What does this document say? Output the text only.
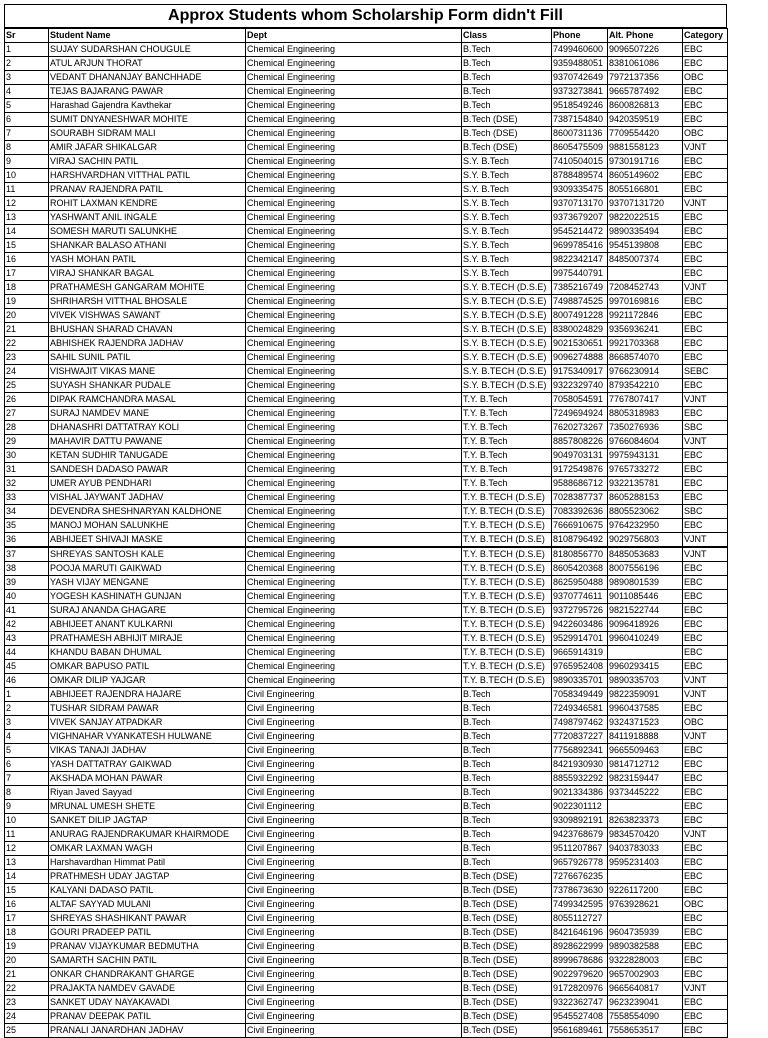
Approx Students whom Scholarship Form didn't Fill
Sr	Student Name	Dept	Class	Phone	Alt. Phone	Category
1	SUJAY SUDARSHAN CHOUGULE	Chemical Engineering	B.Tech	7499460600	9096507226	EBC
2	ATUL ARJUN THORAT	Chemical Engineering	B.Tech	9359488051	8381061086	EBC
3	VEDANT DHANANJAY BANCHHADE	Chemical Engineering	B.Tech	9370742649	7972137356	OBC
4	TEJAS BAJARANG PAWAR	Chemical Engineering	B.Tech	9373273841	9665787492	EBC
5	Harashad Gajendra Kavthekar	Chemical Engineering	B.Tech	9518549246	8600826813	EBC
6	SUMIT DNYANESHWAR MOHITE	Chemical Engineering	B.Tech (DSE)	7387154840	9420359519	EBC
7	SOURABH SIDRAM MALI	Chemical Engineering	B.Tech (DSE)	8600731136	7709554420	OBC
8	AMIR JAFAR SHIKALGAR	Chemical Engineering	B.Tech (DSE)	8605475509	9881558123	VJNT
9	VIRAJ SACHIN PATIL	Chemical Engineering	S.Y. B.Tech	7410504015	9730191716	EBC
10	HARSHVARDHAN VITTHAL PATIL	Chemical Engineering	S.Y. B.Tech	8788489574	8605149602	EBC
11	PRANAV RAJENDRA PATIL	Chemical Engineering	S.Y. B.Tech	9309335475	8055166801	EBC
12	ROHIT LAXMAN KENDRE	Chemical Engineering	S.Y. B.Tech	9370713170	93707131720	VJNT
13	YASHWANT ANIL INGALE	Chemical Engineering	S.Y. B.Tech	9373679207	9822022515	EBC
14	SOMESH MARUTI SALUNKHE	Chemical Engineering	S.Y. B.Tech	9545214472	9890335494	EBC
15	SHANKAR BALASO ATHANI	Chemical Engineering	S.Y. B.Tech	9699785416	9545139808	EBC
16	YASH MOHAN PATIL	Chemical Engineering	S.Y. B.Tech	9822342147	8485007374	EBC
17	VIRAJ SHANKAR BAGAL	Chemical Engineering	S.Y. B.Tech	9975440791		EBC
18	PRATHAMESH GANGARAM MOHITE	Chemical Engineering	S.Y. B.TECH (D.S.E)	7385216749	7208452743	VJNT
19	SHRIHARSH VITTHAL BHOSALE	Chemical Engineering	S.Y. B.TECH (D.S.E)	7498874525	9970169816	EBC
20	VIVEK VISHWAS SAWANT	Chemical Engineering	S.Y. B.TECH (D.S.E)	8007491228	9921172846	EBC
21	BHUSHAN SHARAD CHAVAN	Chemical Engineering	S.Y. B.TECH (D.S.E)	8380024829	9356936241	EBC
22	ABHISHEK RAJENDRA JADHAV	Chemical Engineering	S.Y. B.TECH (D.S.E)	9021530651	9921703368	EBC
23	SAHIL SUNIL PATIL	Chemical Engineering	S.Y. B.TECH (D.S.E)	9096274888	8668574070	EBC
24	VISHWAJIT VIKAS MANE	Chemical Engineering	S.Y. B.TECH (D.S.E)	9175340917	9766230914	SEBC
25	SUYASH SHANKAR PUDALE	Chemical Engineering	S.Y. B.TECH (D.S.E)	9322329740	8793542210	EBC
26	DIPAK RAMCHANDRA MASAL	Chemical Engineering	T.Y. B.Tech	7058054591	7767807417	VJNT
27	SURAJ NAMDEV MANE	Chemical Engineering	T.Y. B.Tech	7249694924	8805318983	EBC
28	DHANASHRI DATTATRAY KOLI	Chemical Engineering	T.Y. B.Tech	7620273267	7350276936	SBC
29	MAHAVIR DATTU PAWANE	Chemical Engineering	T.Y. B.Tech	8857808226	9766084604	VJNT
30	KETAN SUDHIR TANUGADE	Chemical Engineering	T.Y. B.Tech	9049703131	9975943131	EBC
31	SANDESH DADASO PAWAR	Chemical Engineering	T.Y. B.Tech	9172549876	9765733272	EBC
32	UMER AYUB PENDHARI	Chemical Engineering	T.Y. B.Tech	9588686712	9322135781	EBC
33	VISHAL JAYWANT JADHAV	Chemical Engineering	T.Y. B.TECH (D.S.E)	7028387737	8605288153	EBC
34	DEVENDRA SHESHNARYAN KALDHONE	Chemical Engineering	T.Y. B.TECH (D.S.E)	7083392636	8805523062	SBC
35	MANOJ MOHAN SALUNKHE	Chemical Engineering	T.Y. B.TECH (D.S.E)	7666910675	9764232950	EBC
36	ABHIJEET SHIVAJI MASKE	Chemical Engineering	T.Y. B.TECH (D.S.E)	8108796492	9029756803	VJNT
37	SHREYAS SANTOSH KALE	Chemical Engineering	T.Y. B.TECH (D.S.E)	8180856770	8485053683	VJNT
38	POOJA MARUTI GAIKWAD	Chemical Engineering	T.Y. B.TECH (D.S.E)	8605420368	8007556196	EBC
39	YASH VIJAY MENGANE	Chemical Engineering	T.Y. B.TECH (D.S.E)	8625950488	9890801539	EBC
40	YOGESH KASHINATH GUNJAN	Chemical Engineering	T.Y. B.TECH (D.S.E)	9370774611	9011085446	EBC
41	SURAJ ANANDA GHAGARE	Chemical Engineering	T.Y. B.TECH (D.S.E)	9372795726	9821522744	EBC
42	ABHIJEET ANANT KULKARNI	Chemical Engineering	T.Y. B.TECH (D.S.E)	9422603486	9096418926	EBC
43	PRATHAMESH ABHIJIT MIRAJE	Chemical Engineering	T.Y. B.TECH (D.S.E)	9529914701	9960410249	EBC
44	KHANDU BABAN DHUMAL	Chemical Engineering	T.Y. B.TECH (D.S.E)	9665914319		EBC
45	OMKAR BAPUSO PATIL	Chemical Engineering	T.Y. B.TECH (D.S.E)	9765952408	9960293415	EBC
46	OMKAR DILIP YAJGAR	Chemical Engineering	T.Y. B.TECH (D.S.E)	9890335701	9890335703	VJNT
1	ABHIJEET RAJENDRA HAJARE	Civil Engineering	B.Tech	7058349449	9822359091	VJNT
2	TUSHAR SIDRAM PAWAR	Civil Engineering	B.Tech	7249346581	9960437585	EBC
3	VIVEK SANJAY ATPADKAR	Civil Engineering	B.Tech	7498797462	9324371523	OBC
4	VIGHNAHAR VYANKATESH HULWANE	Civil Engineering	B.Tech	7720837227	8411918888	VJNT
5	VIKAS TANAJI JADHAV	Civil Engineering	B.Tech	7756892341	9665509463	EBC
6	YASH DATTATRAY GAIKWAD	Civil Engineering	B.Tech	8421930930	9814712712	EBC
7	AKSHADA MOHAN PAWAR	Civil Engineering	B.Tech	8855932292	9823159447	EBC
8	Riyan Javed Sayyad	Civil Engineering	B.Tech	9021334386	9373445222	EBC
9	MRUNAL UMESH SHETE	Civil Engineering	B.Tech	9022301112		EBC
10	SANKET DILIP JAGTAP	Civil Engineering	B.Tech	9309892191	8263823373	EBC
11	ANURAG RAJENDRAKUMAR KHAIRMODE	Civil Engineering	B.Tech	9423768679	9834570420	VJNT
12	OMKAR LAXMAN WAGH	Civil Engineering	B.Tech	9511207867	9403783033	EBC
13	Harshavardhan Himmat Patil	Civil Engineering	B.Tech	9657926778	9595231403	EBC
14	PRATHMESH UDAY JAGTAP	Civil Engineering	B.Tech (DSE)	7276676235		EBC
15	KALYANI DADASO PATIL	Civil Engineering	B.Tech (DSE)	7378673630	9226117200	EBC
16	ALTAF SAYYAD MULANI	Civil Engineering	B.Tech (DSE)	7499342595	9763928621	OBC
17	SHREYAS SHASHIKANT PAWAR	Civil Engineering	B.Tech (DSE)	8055112727		EBC
18	GOURI PRADEEP PATIL	Civil Engineering	B.Tech (DSE)	8421646196	9604735939	EBC
19	PRANAV VIJAYKUMAR BEDMUTHA	Civil Engineering	B.Tech (DSE)	8928622999	9890382588	EBC
20	SAMARTH SACHIN PATIL	Civil Engineering	B.Tech (DSE)	8999678686	9322828003	EBC
21	ONKAR CHANDRAKANT GHARGE	Civil Engineering	B.Tech (DSE)	9022979620	9657002903	EBC
22	PRAJAKTA NAMDEV GAVADE	Civil Engineering	B.Tech (DSE)	9172820976	9665640817	VJNT
23	SANKET UDAY NAYAKAVADI	Civil Engineering	B.Tech (DSE)	9322362747	9623239041	EBC
24	PRANAV DEEPAK PATIL	Civil Engineering	B.Tech (DSE)	9545527408	7558554090	EBC
25	PRANALI JANARDHAN JADHAV	Civil Engineering	B.Tech (DSE)	9561689461	7558653517	EBC
